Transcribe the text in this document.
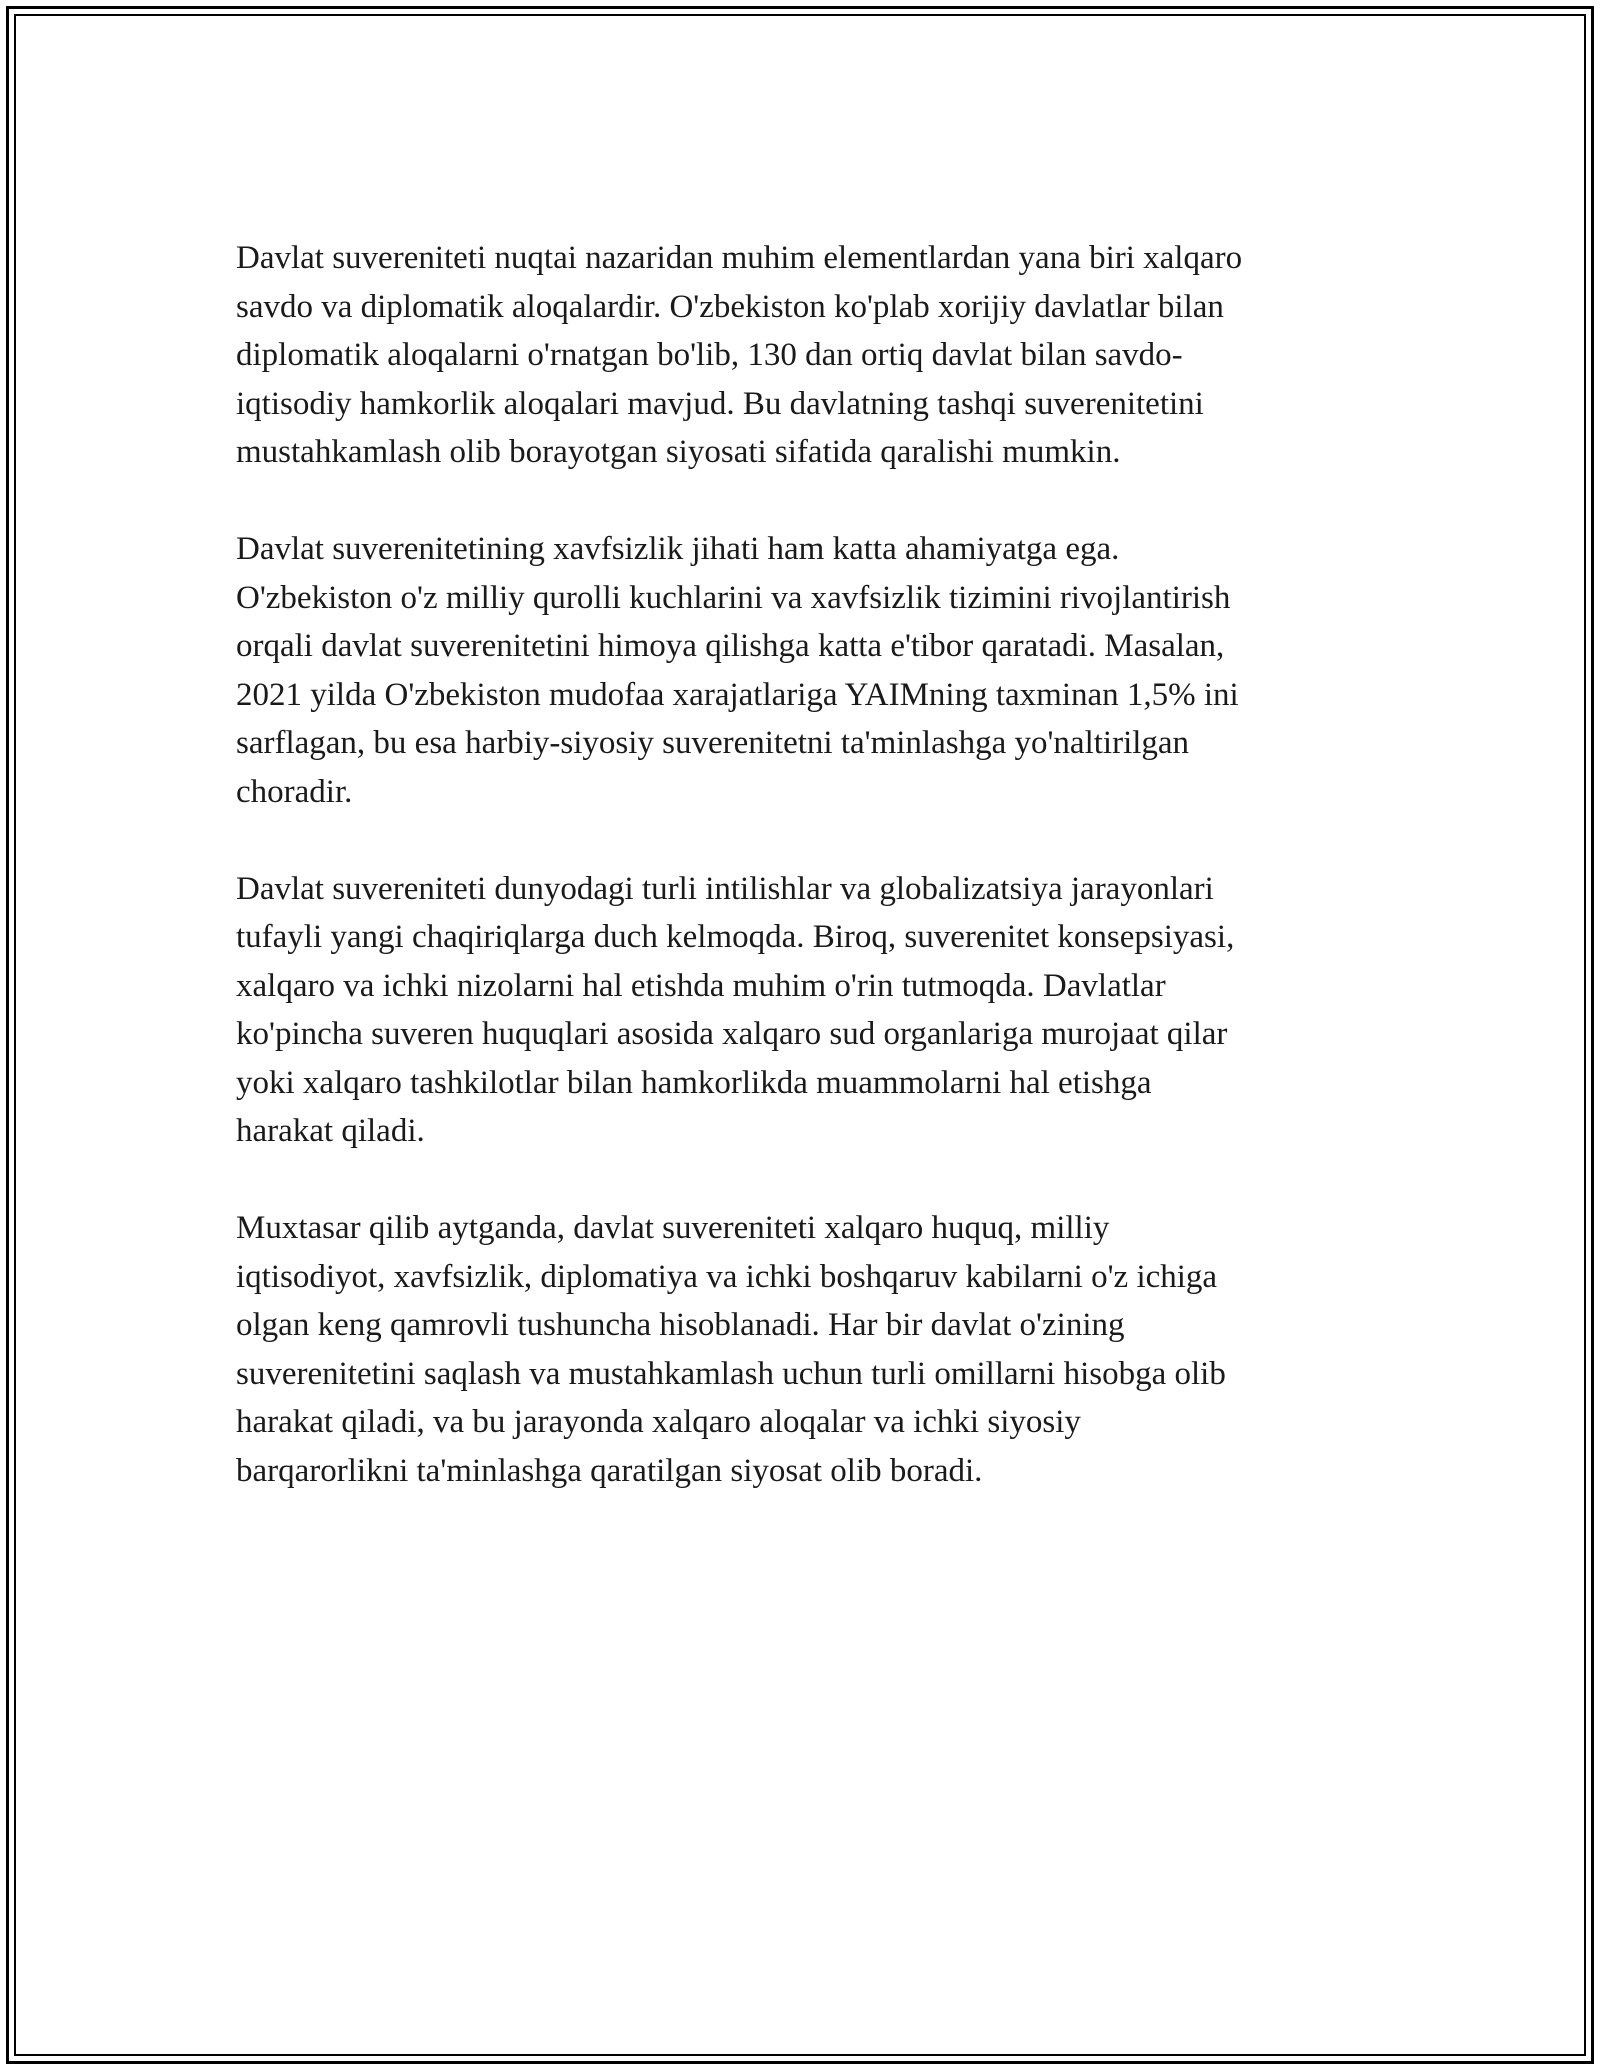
Davlat suvereniteti nuqtai nazaridan muhim elementlardan yana biri xalqaro
savdo va diplomatik aloqalardir. O'zbekiston ko'plab xorijiy davlatlar bilan
diplomatik aloqalarni o'rnatgan bo'lib, 130 dan ortiq davlat bilan savdo-
iqtisodiy hamkorlik aloqalari mavjud. Bu davlatning tashqi suverenitetini
mustahkamlash olib borayotgan siyosati sifatida qaralishi mumkin.

Davlat suverenitetining xavfsizlik jihati ham katta ahamiyatga ega.
O'zbekiston o'z milliy qurolli kuchlarini va xavfsizlik tizimini rivojlantirish
orqali davlat suverenitetini himoya qilishga katta e'tibor qaratadi. Masalan,
2021 yilda O'zbekiston mudofaa xarajatlariga YAIMning taxminan 1,5% ini
sarflagan, bu esa harbiy-siyosiy suverenitetni ta'minlashga yo'naltirilgan
choradir.

Davlat suvereniteti dunyodagi turli intilishlar va globalizatsiya jarayonlari
tufayli yangi chaqiriqlarga duch kelmoqda. Biroq, suverenitet konsepsiyasi,
xalqaro va ichki nizolarni hal etishda muhim o'rin tutmoqda. Davlatlar
ko'pincha suveren huquqlari asosida xalqaro sud organlariga murojaat qilar
yoki xalqaro tashkilotlar bilan hamkorlikda muammolarni hal etishga
harakat qiladi.

Muxtasar qilib aytganda, davlat suvereniteti xalqaro huquq, milliy
iqtisodiyot, xavfsizlik, diplomatiya va ichki boshqaruv kabilarni o'z ichiga
olgan keng qamrovli tushuncha hisoblanadi. Har bir davlat o'zining
suverenitetini saqlash va mustahkamlash uchun turli omillarni hisobga olib
harakat qiladi, va bu jarayonda xalqaro aloqalar va ichki siyosiy
barqarorlikni ta'minlashga qaratilgan siyosat olib boradi.
